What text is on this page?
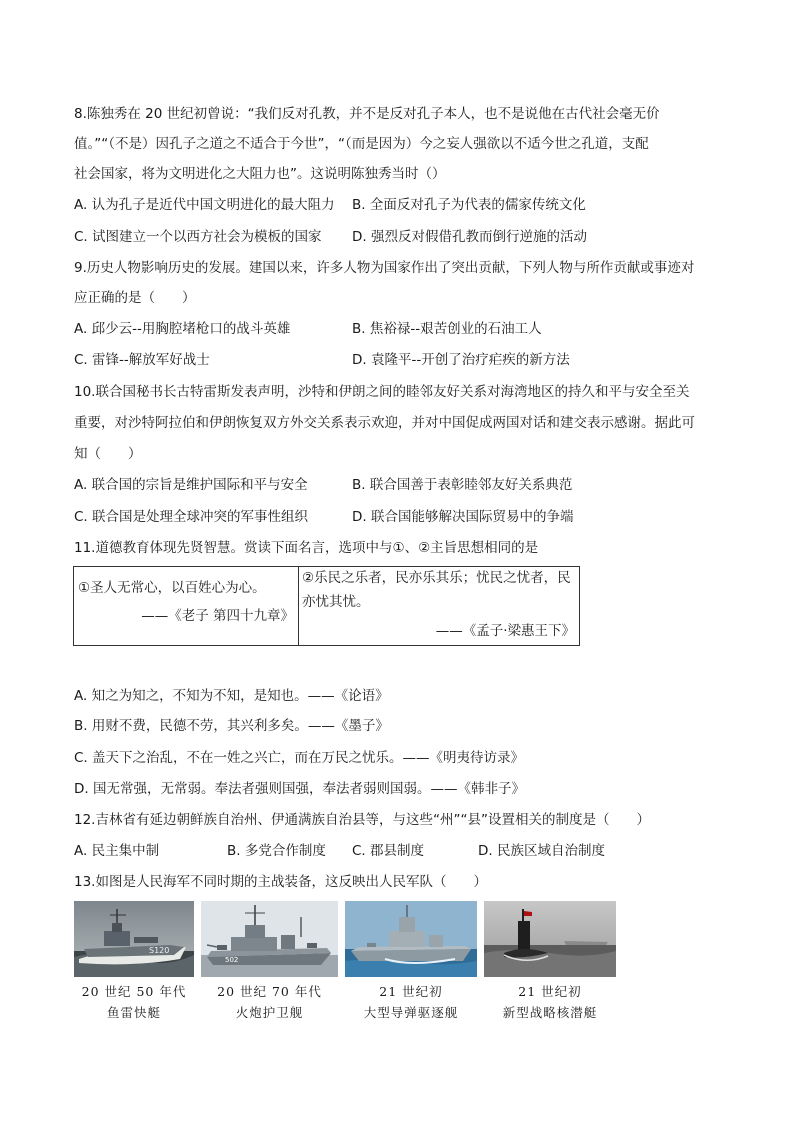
8.陈独秀在 20 世纪初曾说：“我们反对孔教，并不是反对孔子本人，也不是说他在古代社会毫无价
值。”“（不是）因孔子之道之不适合于今世”，“（而是因为）今之妄人强欲以不适今世之孔道，支配
社会国家，将为文明进化之大阻力也”。这说明陈独秀当时（）
A. 认为孔子是近代中国文明进化的最大阻力 B. 全面反对孔子为代表的儒家传统文化
C. 试图建立一个以西方社会为模板的国家 D. 强烈反对假借孔教而倒行逆施的活动
9.历史人物影响历史的发展。建国以来，许多人物为国家作出了突出贡献，下列人物与所作贡献或事迹对
应正确的是（　　）
A. 邱少云--用胸腔堵枪口的战斗英雄	B. 焦裕禄--艰苦创业的石油工人
C. 雷锋--解放军好战士	D. 袁隆平--开创了治疗疟疾的新方法
10.联合国秘书长古特雷斯发表声明，沙特和伊朗之间的睦邻友好关系对海湾地区的持久和平与安全至关
重要，对沙特阿拉伯和伊朗恢复双方外交关系表示欢迎，并对中国促成两国对话和建交表示感谢。据此可
知（　　）
A. 联合国的宗旨是维护国际和平与安全	B. 联合国善于表彰睦邻友好关系典范
C. 联合国是处理全球冲突的军事性组织	D. 联合国能够解决国际贸易中的争端
11.道德教育体现先贤智慧。赏读下面名言，选项中与①、②主旨思想相同的是
①圣人无常心，以百姓心为心。
——《老子 第四十九章》
②乐民之乐者，民亦乐其乐；忧民之忧者，民
亦忧其忧。
——《孟子·梁惠王下》
A. 知之为知之，不知为不知，是知也。——《论语》
B. 用财不费，民德不劳，其兴利多矣。——《墨子》
C. 盖天下之治乱，不在一姓之兴亡，而在万民之忧乐。——《明夷待访录》
D. 国无常强，无常弱。奉法者强则国强，奉法者弱则国弱。——《韩非子》
12.吉林省有延边朝鲜族自治州、伊通满族自治县等，与这些“州”“县”设置相关的制度是（　　）
A. 民主集中制	B. 多党合作制度 C. 郡县制度	D. 民族区域自治制度
13.如图是人民海军不同时期的主战装备，这反映出人民军队（　　）
S120
502
20 世纪 50 年代
鱼雷快艇
20 世纪 70 年代
火炮护卫舰
21 世纪初
大型导弹驱逐舰
21 世纪初
新型战略核潜艇
